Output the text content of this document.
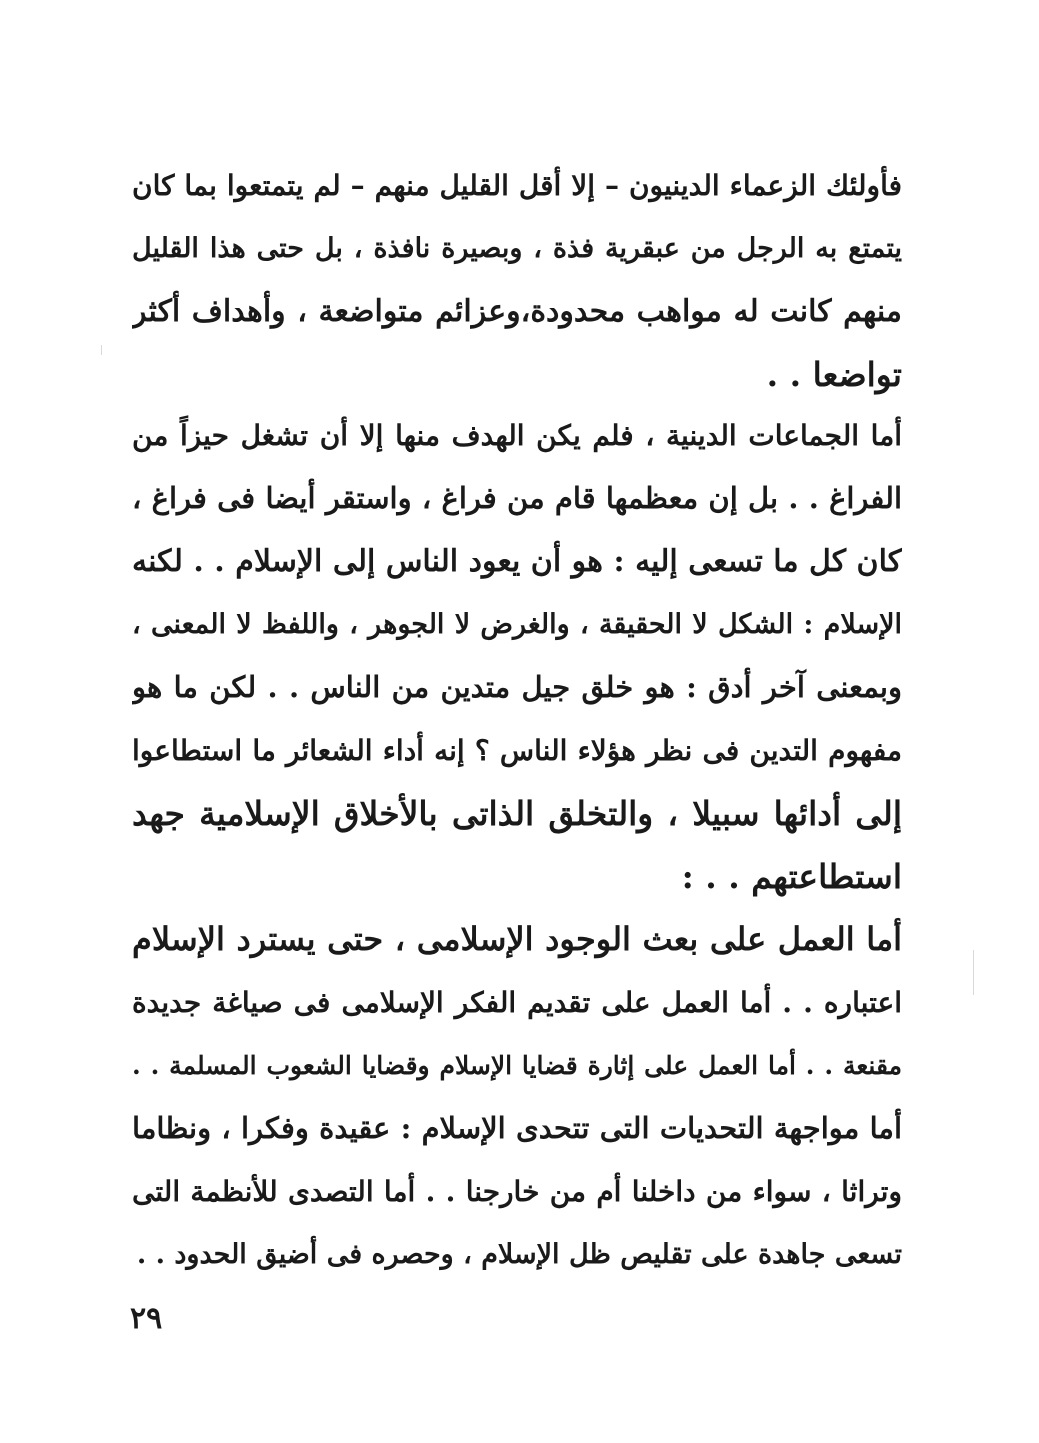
فأولئك الزعماء الدينيون – إلا أقل القليل منهم – لم يتمتعوا بما كان
يتمتع به الرجل من عبقرية فذة ، وبصيرة نافذة ، بل حتى هذا القليل
منهم كانت له مواهب محدودة،وعزائم متواضعة ، وأهداف أكثر
تواضعا . .
أما الجماعات الدينية ، فلم يكن الهدف منها إلا أن تشغل حيزاً من
الفراغ . . بل إن معظمها قام من فراغ ، واستقر أيضا فى فراغ ،
كان كل ما تسعى إليه : هو أن يعود الناس إلى الإسلام . . لكنه
الإسلام : الشكل لا الحقيقة ، والغرض لا الجوهر ، واللفظ لا المعنى ،
وبمعنى آخر أدق : هو خلق جيل متدين من الناس . . لكن ما هو
مفهوم التدين فى نظر هؤلاء الناس ؟ إنه أداء الشعائر ما استطاعوا
إلى أدائها سبيلا ، والتخلق الذاتى بالأخلاق الإسلامية جهد
استطاعتهم . . :
أما العمل على بعث الوجود الإسلامى ، حتى يسترد الإسلام
اعتباره . . أما العمل على تقديم الفكر الإسلامى فى صياغة جديدة
مقنعة . . أما العمل على إثارة قضايا الإسلام وقضايا الشعوب المسلمة . .
أما مواجهة التحديات التى تتحدى الإسلام : عقيدة وفكرا ، ونظاما
وتراثا ، سواء من داخلنا أم من خارجنا . . أما التصدى للأنظمة التى
تسعى جاهدة على تقليص ظل الإسلام ، وحصره فى أضيق الحدود . .
٢٩
